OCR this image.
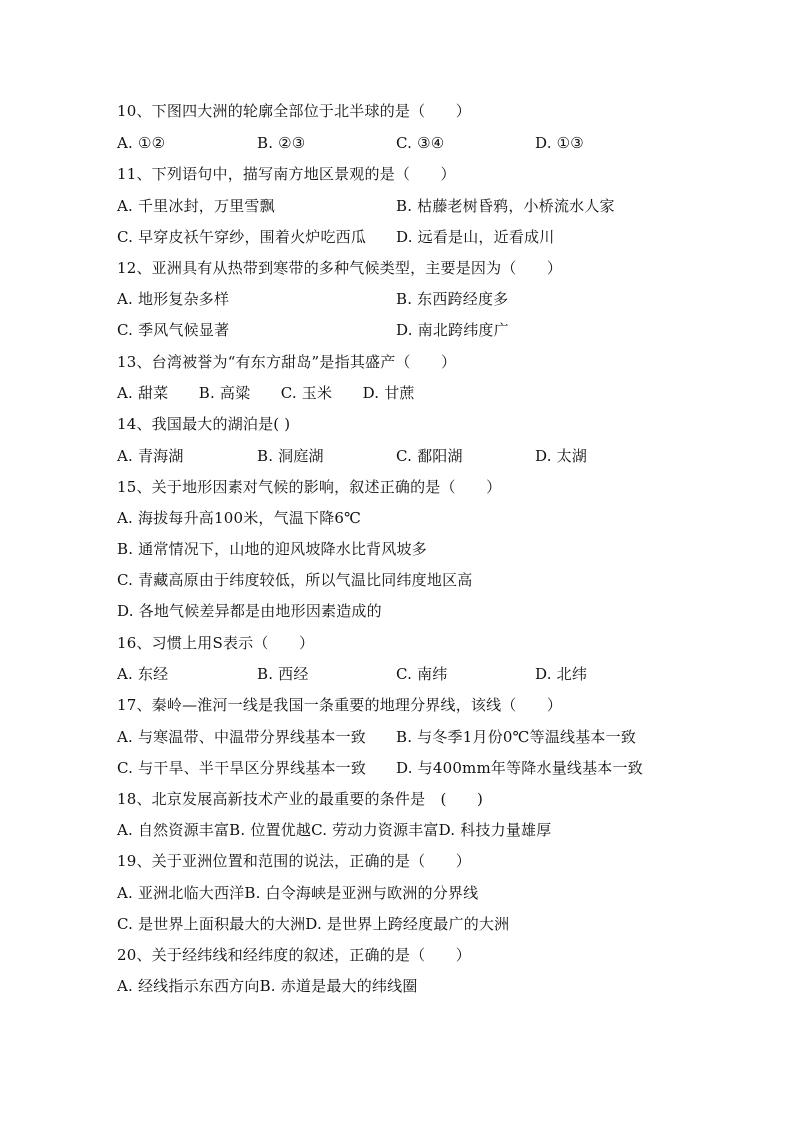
10、下图四大洲的轮廓全部位于北半球的是（　　）
A. ①②	B. ②③	C. ③④	D. ①③
11、下列语句中，描写南方地区景观的是（　　）
A. 千里冰封，万里雪飘	B. 枯藤老树昏鸦，小桥流水人家
C. 早穿皮袄午穿纱，围着火炉吃西瓜 D. 远看是山，近看成川
12、亚洲具有从热带到寒带的多种气候类型，主要是因为（　　）
A. 地形复杂多样	B. 东西跨经度多
C. 季风气候显著	D. 南北跨纬度广
13、台湾被誉为“有东方甜岛”是指其盛产（　　）
A. 甜菜　　B. 高粱　　C. 玉米　　D. 甘蔗
14、我国最大的湖泊是( )
A. 青海湖	B. 洞庭湖	C. 鄱阳湖	D. 太湖
15、关于地形因素对气候的影响，叙述正确的是（　　）
A. 海拔每升高100米，气温下降6℃
B. 通常情况下，山地的迎风坡降水比背风坡多
C. 青藏高原由于纬度较低，所以气温比同纬度地区高
D. 各地气候差异都是由地形因素造成的
16、习惯上用S表示（　　）
A. 东经	B. 西经	C. 南纬	D. 北纬
17、秦岭—淮河一线是我国一条重要的地理分界线，该线（　　）
A. 与寒温带、中温带分界线基本一致 B. 与冬季1月份0℃等温线基本一致
C. 与干旱、半干旱区分界线基本一致 D. 与400mm年等降水量线基本一致
18、北京发展高新技术产业的最重要的条件是　(　　)
A. 自然资源丰富B. 位置优越C. 劳动力资源丰富D. 科技力量雄厚
19、关于亚洲位置和范围的说法，正确的是（　　）
A. 亚洲北临大西洋B. 白令海峡是亚洲与欧洲的分界线
C. 是世界上面积最大的大洲D. 是世界上跨经度最广的大洲
20、关于经纬线和经纬度的叙述，正确的是（　　）
A. 经线指示东西方向B. 赤道是最大的纬线圈
